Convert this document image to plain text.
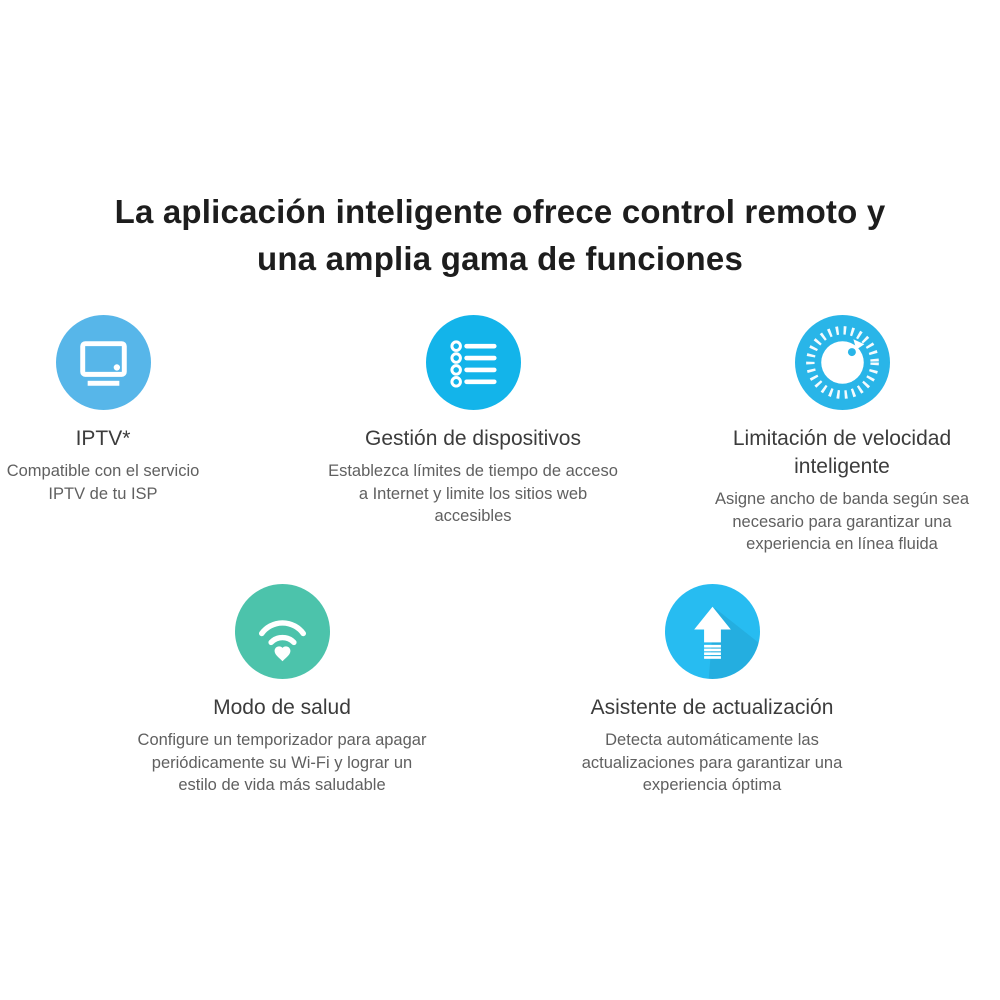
La aplicación inteligente ofrece control remoto y
una amplia gama de funciones
IPTV*
Compatible con el servicio IPTV de tu ISP
Gestión de dispositivos
Establezca límites de tiempo de acceso a Internet y limite los sitios web accesibles
Limitación de velocidad inteligente
Asigne ancho de banda según sea necesario para garantizar una experiencia en línea fluida
Modo de salud
Configure un temporizador para apagar periódicamente su Wi-Fi y lograr un estilo de vida más saludable
Asistente de actualización
Detecta automáticamente las actualizaciones para garantizar una experiencia óptima
